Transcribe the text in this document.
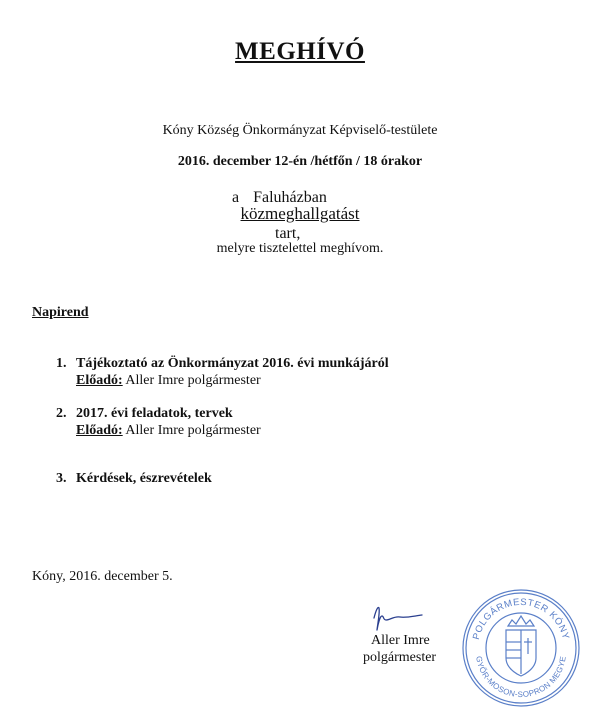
MEGHÍVÓ
Kóny Község Önkormányzat Képviselő-testülete
2016. december 12-én /hétfőn / 18 órakor
a Faluházban
közmeghallgatást
tart,
melyre tisztelettel meghívom.
Napirend
1. Tájékoztató az Önkormányzat 2016. évi munkájáról
Előadó: Aller Imre polgármester
2. 2017. évi feladatok, tervek
Előadó: Aller Imre polgármester
3. Kérdések, észrevételek
Kóny, 2016. december 5.
Aller Imre
polgármester
POLGÁRMESTER KÓNY
GYŐR-MOSON-SOPRON MEGYE
